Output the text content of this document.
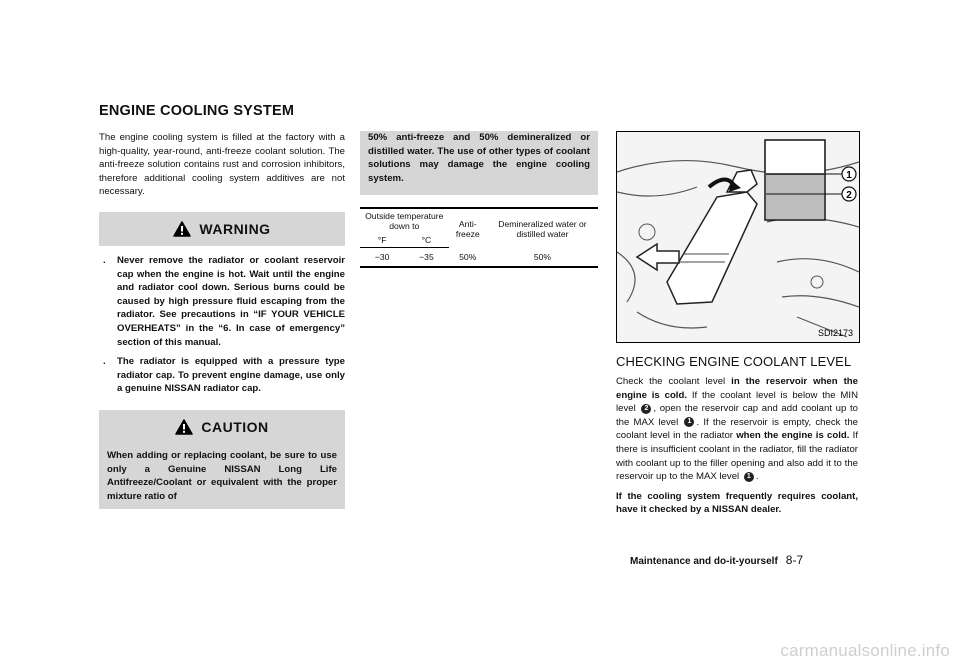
ENGINE COOLING SYSTEM

The engine cooling system is filled at the factory with a high-quality, year-round, anti-freeze coolant solution. The anti-freeze solution contains rust and corrosion inhibitors, therefore additional cooling system additives are not necessary.

WARNING
. Never remove the radiator or coolant reservoir cap when the engine is hot. Wait until the engine and radiator cool down. Serious burns could be caused by high pressure fluid escaping from the radiator. See precautions in “IF YOUR VEHICLE OVERHEATS” in the “6. In case of emergency” section of this manual.
. The radiator is equipped with a pressure type radiator cap. To prevent engine damage, use only a genuine NISSAN radiator cap.
CAUTION
When adding or replacing coolant, be sure to use only a Genuine NISSAN Long Life Antifreeze/Coolant or equivalent with the proper mixture ratio of
50% anti-freeze and 50% demineralized or distilled water. The use of other types of coolant solutions may damage the engine cooling system.
Outside temperature down to		Anti-freeze	Demineralized water or distilled water
°F	°C		
−30	−35	50%	50%
1
2
SDI2173
CHECKING ENGINE COOLANT LEVEL

Check the coolant level in the reservoir when the engine is cold. If the coolant level is below the MIN level 2 , open the reservoir cap and add coolant up to the MAX level 1 . If the reservoir is empty, check the coolant level in the radiator when the engine is cold. If there is insufficient coolant in the radiator, fill the radiator with coolant up to the filler opening and also add it to the reservoir up to the MAX level 1 .

If the cooling system frequently requires coolant, have it checked by a NISSAN dealer.

Maintenance and do-it-yourself 8-7
carmanualsonline.info
